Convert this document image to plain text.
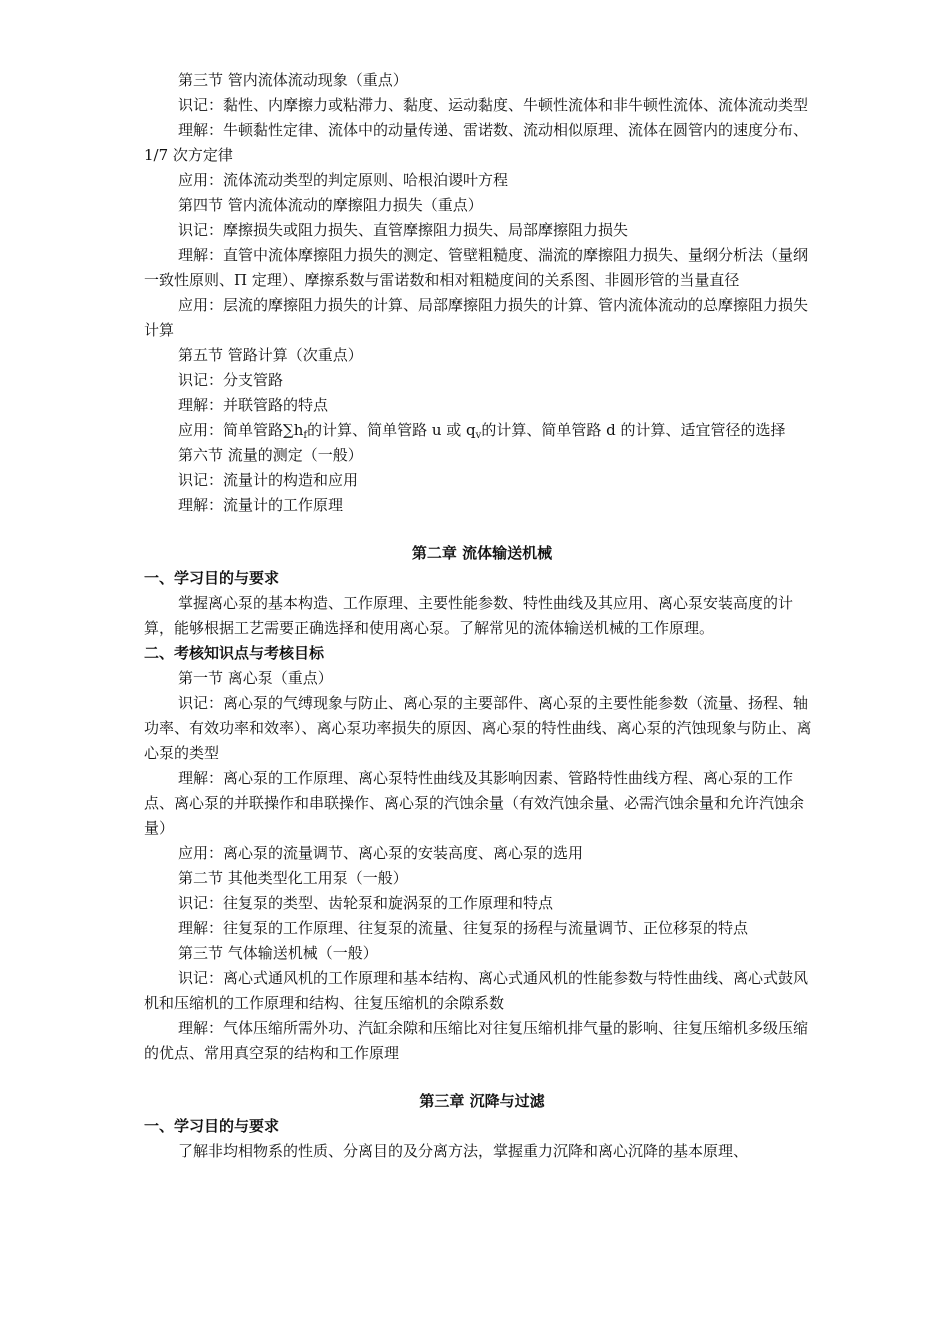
第三节 管内流体流动现象（重点）

识记：黏性、内摩擦力或粘滞力、黏度、运动黏度、牛顿性流体和非牛顿性流体、流体流动类型

理解：牛顿黏性定律、流体中的动量传递、雷诺数、流动相似原理、流体在圆管内的速度分布、1/7 次方定律

应用：流体流动类型的判定原则、哈根泊谡叶方程

第四节 管内流体流动的摩擦阻力损失（重点）

识记：摩擦损失或阻力损失、直管摩擦阻力损失、局部摩擦阻力损失

理解：直管中流体摩擦阻力损失的测定、管壁粗糙度、湍流的摩擦阻力损失、量纲分析法（量纲一致性原则、Π 定理）、摩擦系数与雷诺数和相对粗糙度间的关系图、非圆形管的当量直径

应用：层流的摩擦阻力损失的计算、局部摩擦阻力损失的计算、管内流体流动的总摩擦阻力损失计算

第五节 管路计算（次重点）

识记：分支管路

理解：并联管路的特点

应用：简单管路$\sum h_f$的计算、简单管路 u 或 $q_v$的计算、简单管路 d 的计算、适宜管径的选择

第六节 流量的测定（一般）

识记：流量计的构造和应用

理解：流量计的工作原理

第二章 流体输送机械

一、学习目的与要求

掌握离心泵的基本构造、工作原理、主要性能参数、特性曲线及其应用、离心泵安装高度的计算，能够根据工艺需要正确选择和使用离心泵。了解常见的流体输送机械的工作原理。

二、考核知识点与考核目标

第一节 离心泵（重点）

识记：离心泵的气缚现象与防止、离心泵的主要部件、离心泵的主要性能参数（流量、扬程、轴功率、有效功率和效率）、离心泵功率损失的原因、离心泵的特性曲线、离心泵的汽蚀现象与防止、离心泵的类型

理解：离心泵的工作原理、离心泵特性曲线及其影响因素、管路特性曲线方程、离心泵的工作点、离心泵的并联操作和串联操作、离心泵的汽蚀余量（有效汽蚀余量、必需汽蚀余量和允许汽蚀余量）

应用：离心泵的流量调节、离心泵的安装高度、离心泵的选用

第二节 其他类型化工用泵（一般）

识记：往复泵的类型、齿轮泵和旋涡泵的工作原理和特点

理解：往复泵的工作原理、往复泵的流量、往复泵的扬程与流量调节、正位移泵的特点

第三节 气体输送机械（一般）

识记：离心式通风机的工作原理和基本结构、离心式通风机的性能参数与特性曲线、离心式鼓风机和压缩机的工作原理和结构、往复压缩机的余隙系数

理解：气体压缩所需外功、汽缸余隙和压缩比对往复压缩机排气量的影响、往复压缩机多级压缩的优点、常用真空泵的结构和工作原理

第三章 沉降与过滤

一、学习目的与要求

了解非均相物系的性质、分离目的及分离方法，掌握重力沉降和离心沉降的基本原理、
